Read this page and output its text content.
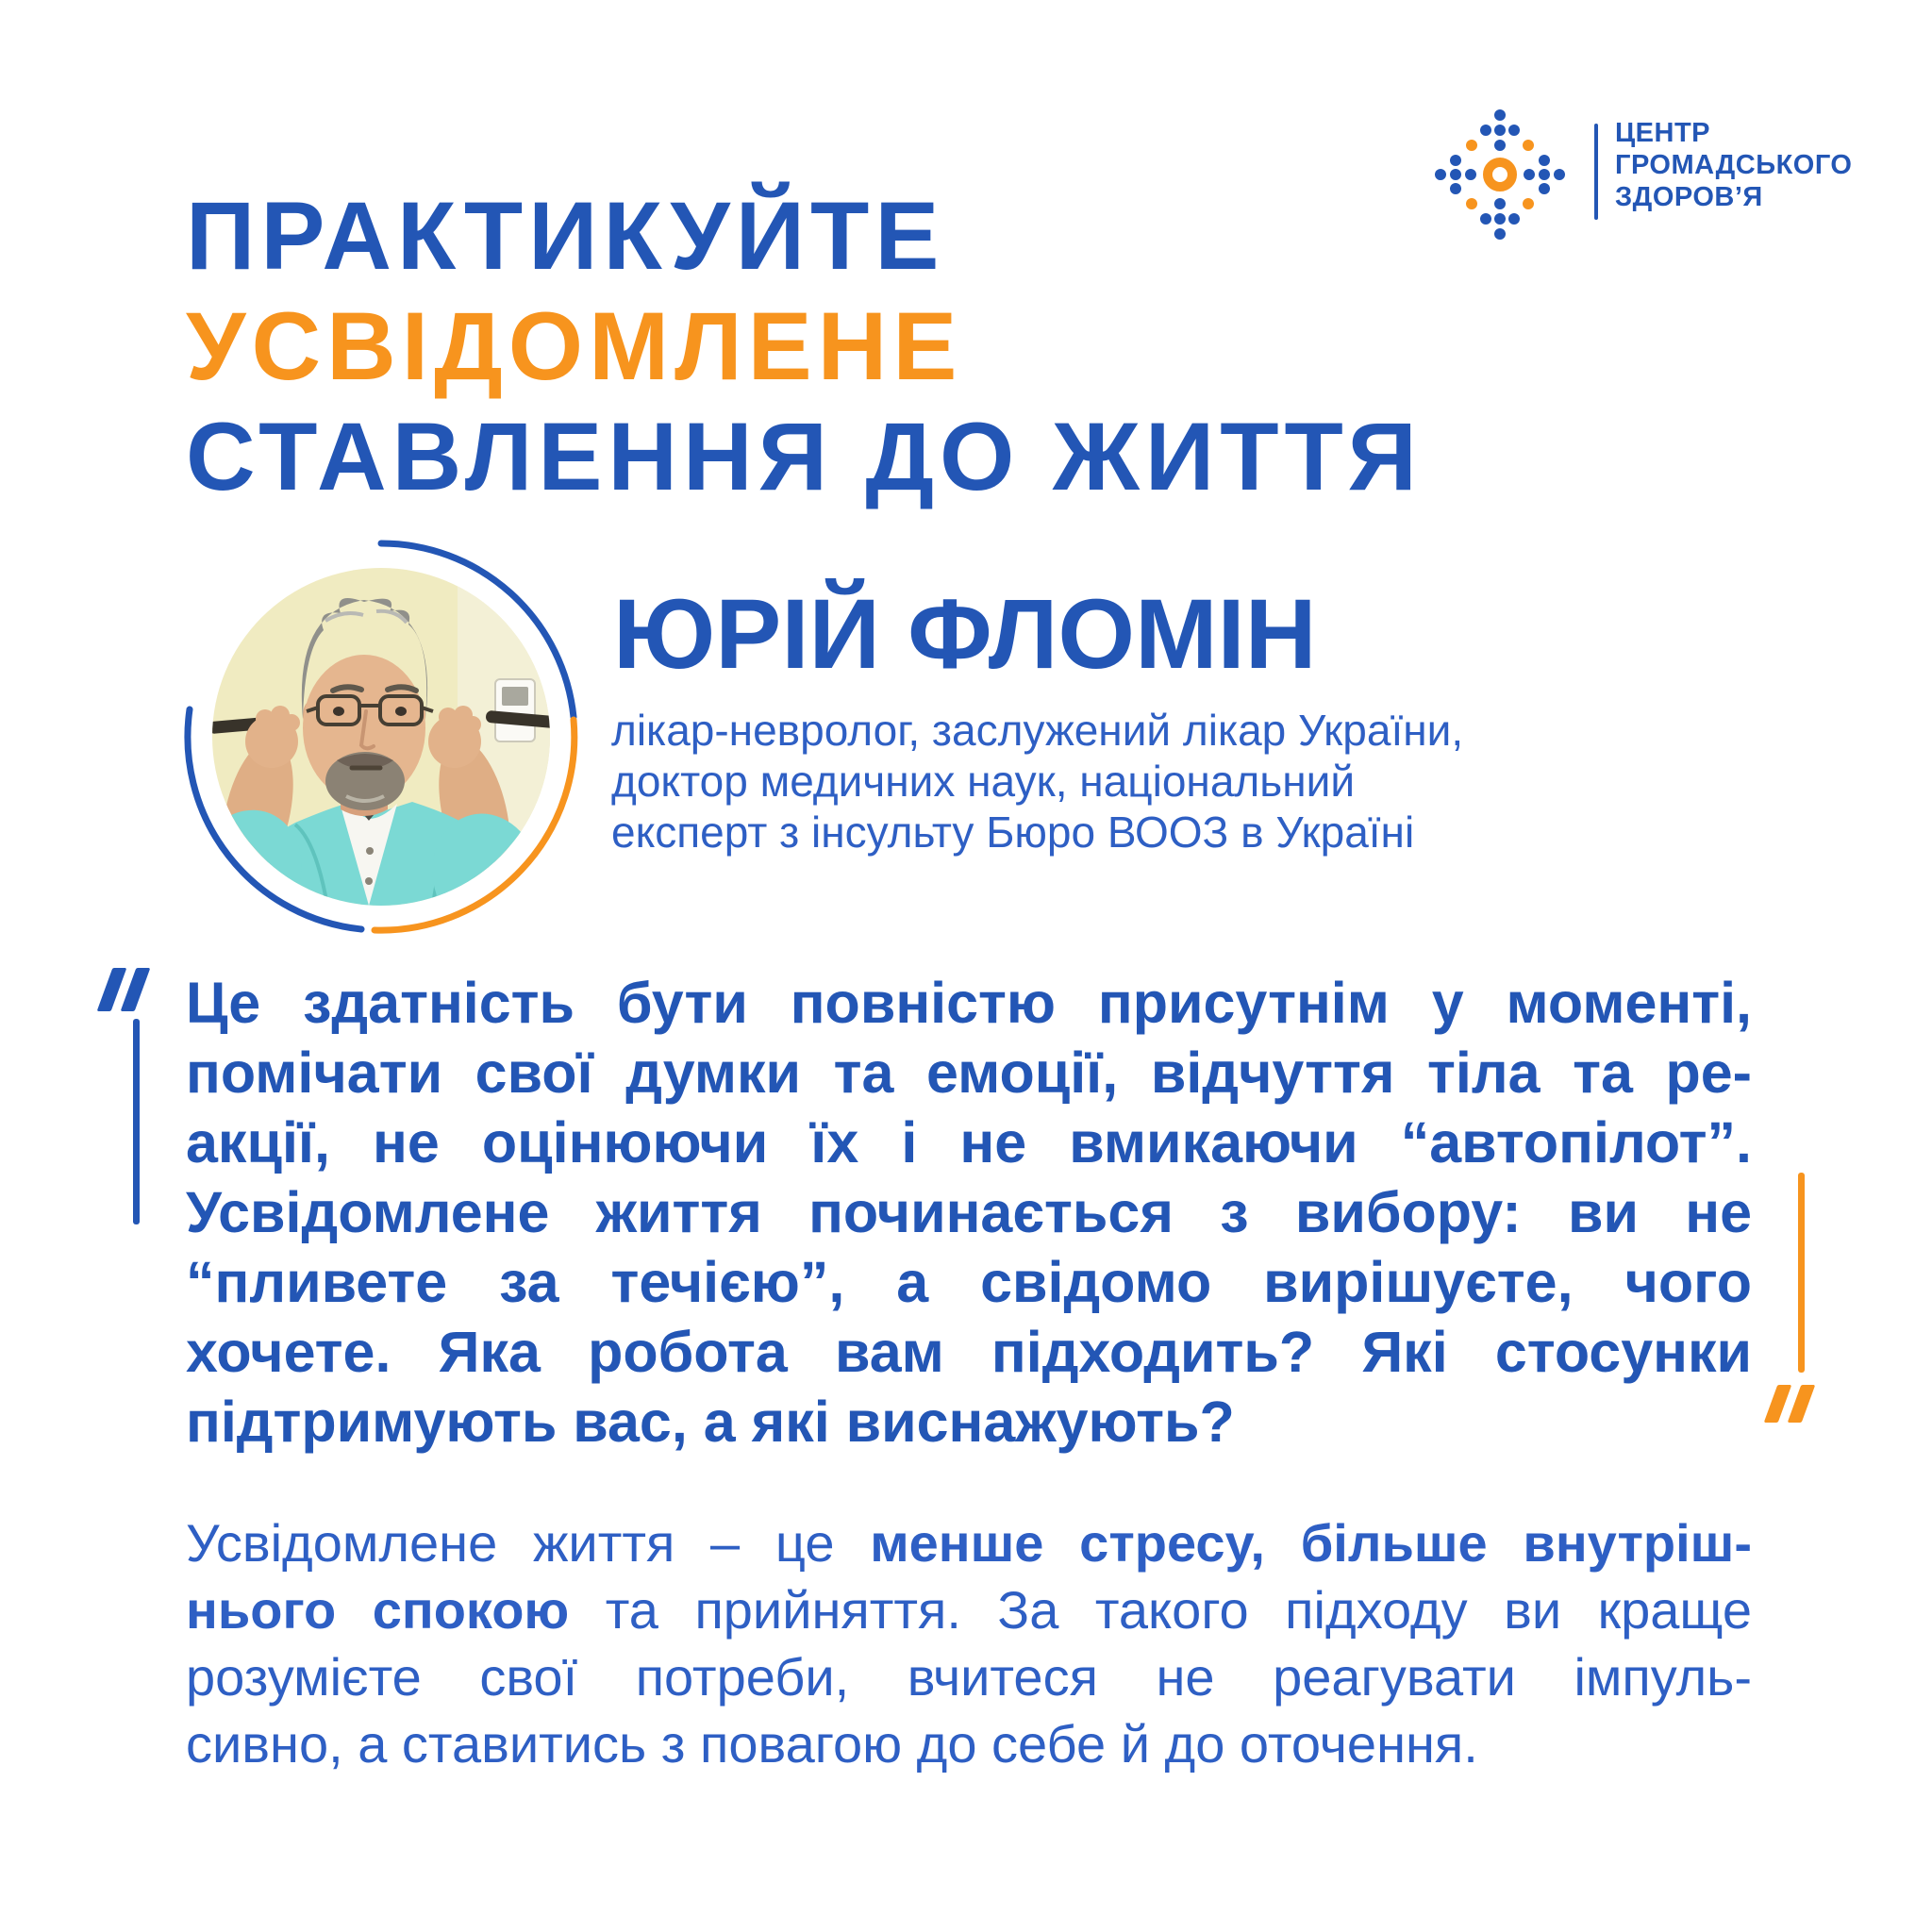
ПРАКТИКУЙТЕ
УСВІДОМЛЕНЕ
СТАВЛЕННЯ ДО ЖИТТЯ
ЦЕНТР
ГРОМАДСЬКОГО
ЗДОРОВ’Я
ЮРІЙ ФЛОМІН
лікар-невролог, заслужений лікар України,
доктор медичних наук, національний
експерт з інсульту Бюро ВООЗ в Україні
Це здатність бути повністю присутнім у моменті,
помічати свої думки та емоції, відчуття тіла та ре-
акції, не оцінюючи їх і не вмикаючи “автопілот”.
Усвідомлене життя починається з вибору: ви не
“пливете за течією”, а свідомо вирішуєте, чого
хочете. Яка робота вам підходить? Які стосунки
підтримують вас, а які виснажують?
Усвідомлене життя – це менше стресу, більше внутріш-
нього спокою та прийняття. За такого підходу ви краще
розумієте свої потреби, вчитеся не реагувати імпуль-
сивно, а ставитись з повагою до себе й до оточення.
